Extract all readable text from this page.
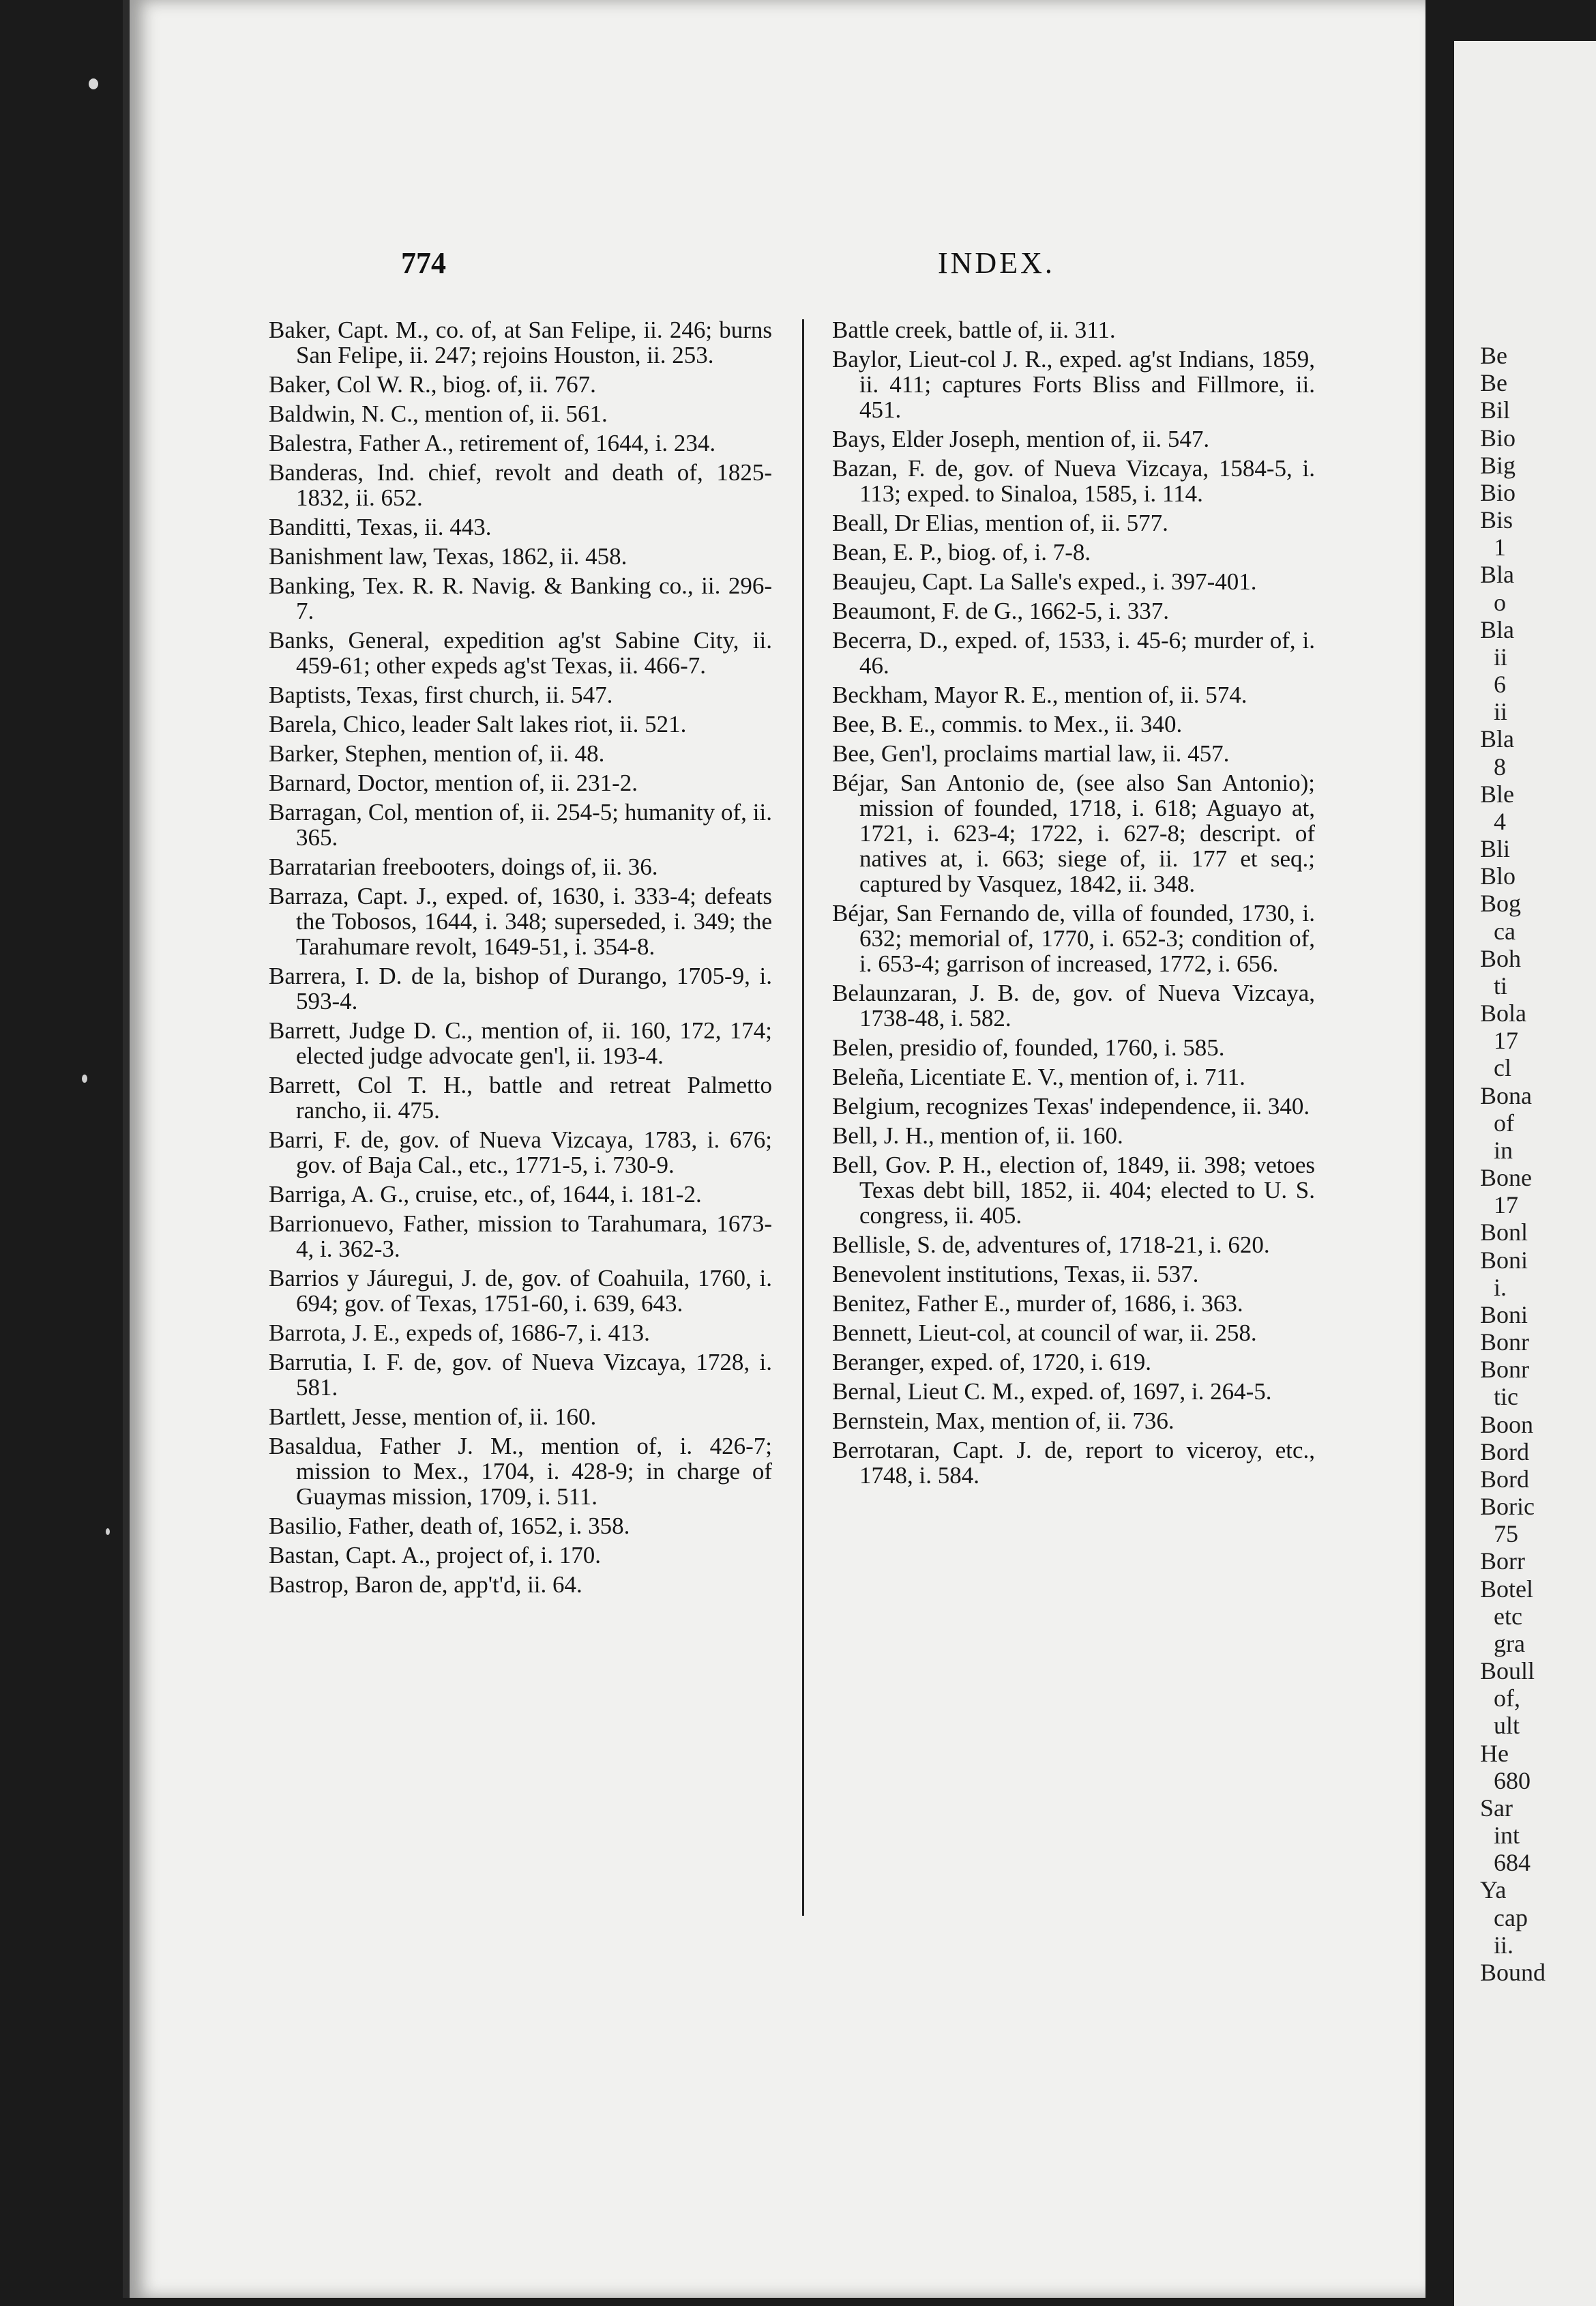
774	INDEX.
Baker, Capt. M., co. of, at San Felipe, ii. 246; burns San Felipe, ii. 247; rejoins Houston, ii. 253.
Baker, Col W. R., biog. of, ii. 767.
Baldwin, N. C., mention of, ii. 561.
Balestra, Father A., retirement of, 1644, i. 234.
Banderas, Ind. chief, revolt and death of, 1825-1832, ii. 652.
Banditti, Texas, ii. 443.
Banishment law, Texas, 1862, ii. 458.
Banking, Tex. R. R. Navig. & Banking co., ii. 296-7.
Banks, General, expedition ag'st Sabine City, ii. 459-61; other expeds ag'st Texas, ii. 466-7.
Baptists, Texas, first church, ii. 547.
Barela, Chico, leader Salt lakes riot, ii. 521.
Barker, Stephen, mention of, ii. 48.
Barnard, Doctor, mention of, ii. 231-2.
Barragan, Col, mention of, ii. 254-5; humanity of, ii. 365.
Barratarian freebooters, doings of, ii. 36.
Barraza, Capt. J., exped. of, 1630, i. 333-4; defeats the Tobosos, 1644, i. 348; superseded, i. 349; the Tarahumare revolt, 1649-51, i. 354-8.
Barrera, I. D. de la, bishop of Durango, 1705-9, i. 593-4.
Barrett, Judge D. C., mention of, ii. 160, 172, 174; elected judge advocate gen'l, ii. 193-4.
Barrett, Col T. H., battle and retreat Palmetto rancho, ii. 475.
Barri, F. de, gov. of Nueva Vizcaya, 1783, i. 676; gov. of Baja Cal., etc., 1771-5, i. 730-9.
Barriga, A. G., cruise, etc., of, 1644, i. 181-2.
Barrionuevo, Father, mission to Tarahumara, 1673-4, i. 362-3.
Barrios y Jáuregui, J. de, gov. of Coahuila, 1760, i. 694; gov. of Texas, 1751-60, i. 639, 643.
Barrota, J. E., expeds of, 1686-7, i. 413.
Barrutia, I. F. de, gov. of Nueva Vizcaya, 1728, i. 581.
Bartlett, Jesse, mention of, ii. 160.
Basaldua, Father J. M., mention of, i. 426-7; mission to Mex., 1704, i. 428-9; in charge of Guaymas mission, 1709, i. 511.
Basilio, Father, death of, 1652, i. 358.
Bastan, Capt. A., project of, i. 170.
Bastrop, Baron de, app't'd, ii. 64.
Battle creek, battle of, ii. 311.
Baylor, Lieut-col J. R., exped. ag'st Indians, 1859, ii. 411; captures Forts Bliss and Fillmore, ii. 451.
Bays, Elder Joseph, mention of, ii. 547.
Bazan, F. de, gov. of Nueva Vizcaya, 1584-5, i. 113; exped. to Sinaloa, 1585, i. 114.
Beall, Dr Elias, mention of, ii. 577.
Bean, E. P., biog. of, i. 7-8.
Beaujeu, Capt. La Salle's exped., i. 397-401.
Beaumont, F. de G., 1662-5, i. 337.
Becerra, D., exped. of, 1533, i. 45-6; murder of, i. 46.
Beckham, Mayor R. E., mention of, ii. 574.
Bee, B. E., commis. to Mex., ii. 340.
Bee, Gen'l, proclaims martial law, ii. 457.
Béjar, San Antonio de, (see also San Antonio); mission of founded, 1718, i. 618; Aguayo at, 1721, i. 623-4; 1722, i. 627-8; descript. of natives at, i. 663; siege of, ii. 177 et seq.; captured by Vasquez, 1842, ii. 348.
Béjar, San Fernando de, villa of founded, 1730, i. 632; memorial of, 1770, i. 652-3; condition of, i. 653-4; garrison of increased, 1772, i. 656.
Belaunzaran, J. B. de, gov. of Nueva Vizcaya, 1738-48, i. 582.
Belen, presidio of, founded, 1760, i. 585.
Beleña, Licentiate E. V., mention of, i. 711.
Belgium, recognizes Texas' independence, ii. 340.
Bell, J. H., mention of, ii. 160.
Bell, Gov. P. H., election of, 1849, ii. 398; vetoes Texas debt bill, 1852, ii. 404; elected to U. S. congress, ii. 405.
Bellisle, S. de, adventures of, 1718-21, i. 620.
Benevolent institutions, Texas, ii. 537.
Benitez, Father E., murder of, 1686, i. 363.
Bennett, Lieut-col, at council of war, ii. 258.
Beranger, exped. of, 1720, i. 619.
Bernal, Lieut C. M., exped. of, 1697, i. 264-5.
Bernstein, Max, mention of, ii. 736.
Berrotaran, Capt. J. de, report to viceroy, etc., 1748, i. 584.
Be
Be
Bil
Bio
Big
Bio
Bis
1
Bla
o
Bla
ii
6
ii
Bla
8
Ble
4
Bli
Blo
Bog
ca
Boh
ti
Bola
17
cl
Bona
of
in
Bone
17
Bonl
Boni
i.
Boni
Bonr
Bonr
tic
Boon
Bord
Bord
Boric
75
Borr
Botel
etc
gra
Boull
of,
ult
He
680
Sar
int
684
Ya
cap
ii.
Bound
